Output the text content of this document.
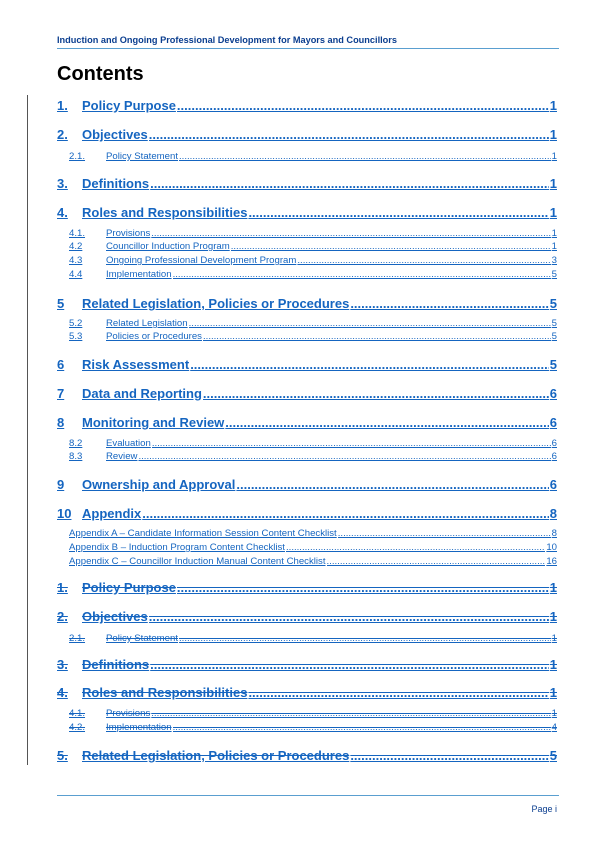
Induction and Ongoing Professional Development for Mayors and Councillors
Contents
1.	Policy Purpose .....	1
2.	Objectives .....	1
2.1.	Policy Statement .....	1
3.	Definitions .....	1
4.	Roles and Responsibilities .....	1
4.1.	Provisions .....	1
4.2	Councillor Induction Program .....	1
4.3	Ongoing Professional Development Program .....	3
4.4	Implementation .....	5
5	Related Legislation, Policies or Procedures .....	5
5.2	Related Legislation .....	5
5.3	Policies or Procedures .....	5
6	Risk Assessment .....	5
7	Data and Reporting .....	6
8	Monitoring and Review .....	6
8.2	Evaluation .....	6
8.3	Review .....	6
9	Ownership and Approval .....	6
10 Appendix .....	8
Appendix A – Candidate Information Session Content Checklist .....	8
Appendix B – Induction Program Content Checklist .....	10
Appendix C – Councillor Induction Manual Content Checklist .....	16
1.	Policy Purpose .....	1
2.	Objectives .....	1
2.1.	Policy Statement .....	1
3.	Definitions .....	1
4.	Roles and Responsibilities .....	1
4.1.	Provisions .....	1
4.2.	Implementation .....	4
5.	Related Legislation, Policies or Procedures .....	5
Page i
